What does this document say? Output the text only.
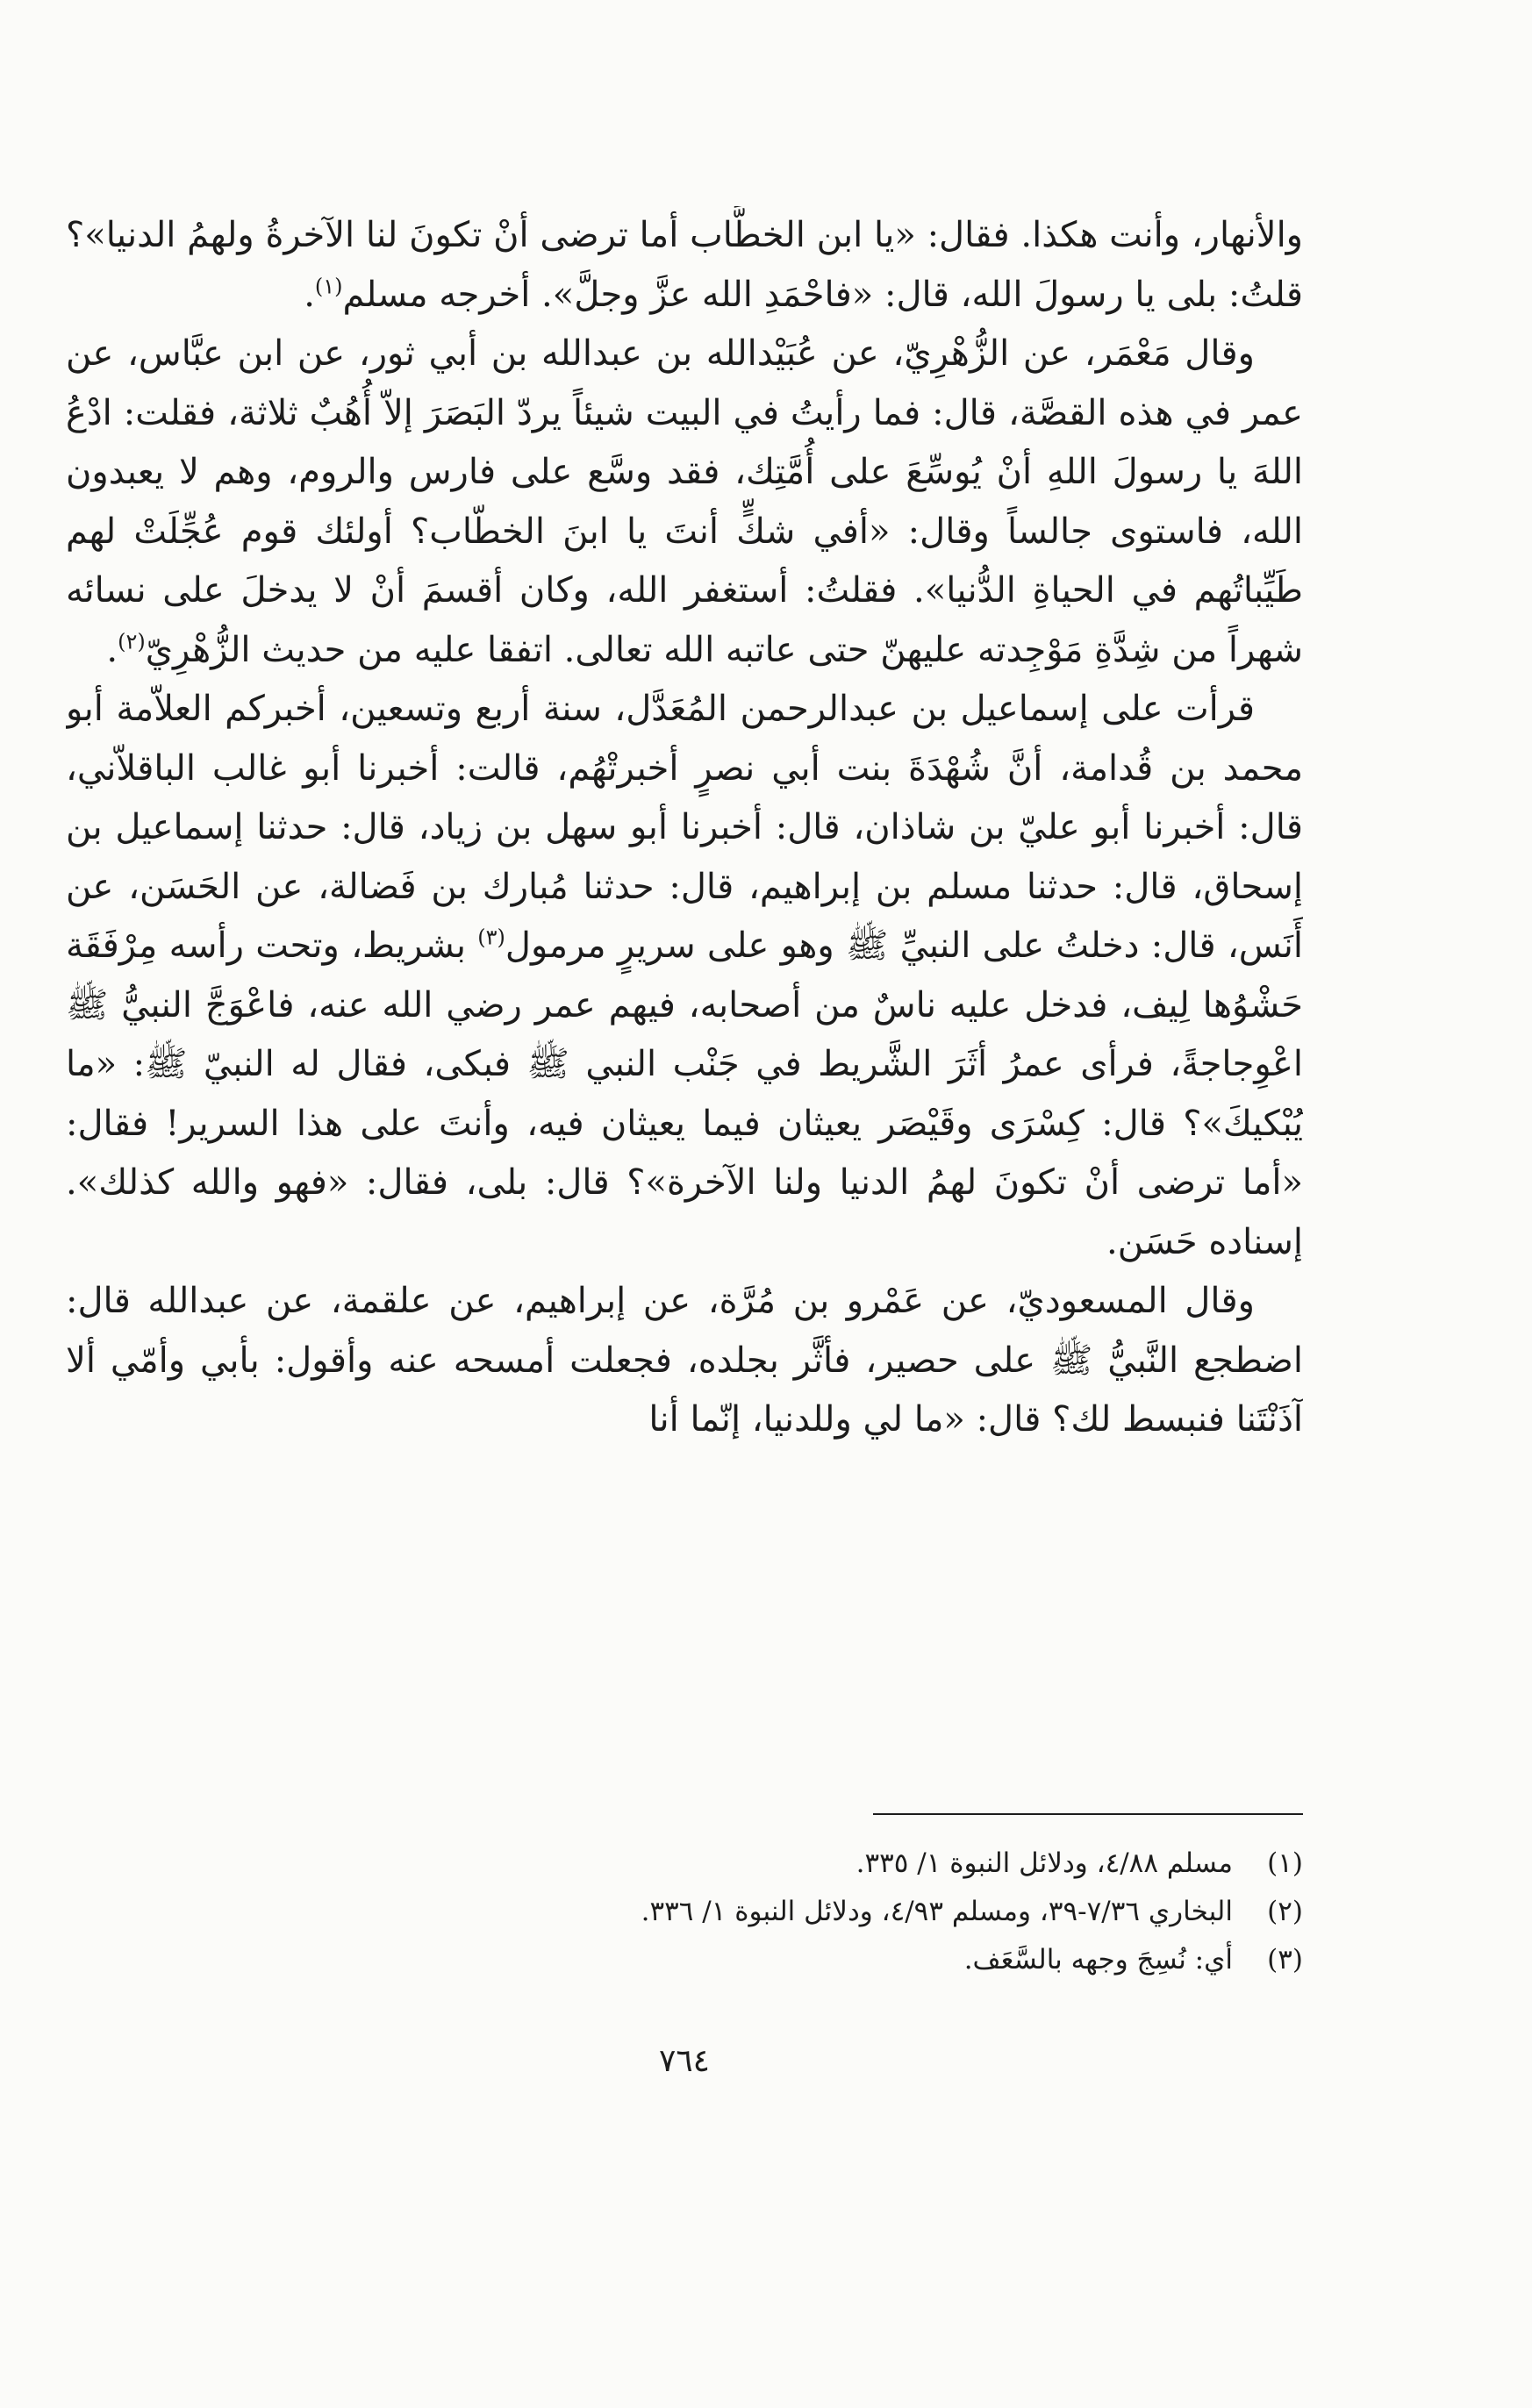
والأنهار، وأنت هكذا. فقال: «يا ابن الخطَّاب أما ترضى أنْ تكونَ لنا الآخرةُ ولهمُ الدنيا»؟ قلتُ: بلى يا رسولَ الله، قال: «فاحْمَدِ الله عزَّ وجلَّ». أخرجه مسلم$^{(١)}$.

وقال مَعْمَر، عن الزُّهْرِيّ، عن عُبَيْدالله بن عبدالله بن أبي ثور، عن ابن عبَّاس، عن عمر في هذه القصَّة، قال: فما رأيتُ في البيت شيئاً يردّ البَصَرَ إلاّ أُهُبٌ ثلاثة، فقلت: ادْعُ اللهَ يا رسولَ اللهِ أنْ يُوسِّعَ على أُمَّتِك، فقد وسَّع على فارس والروم، وهم لا يعبدون الله، فاستوى جالساً وقال: «أفي شكٍّ أنتَ يا ابنَ الخطّاب؟ أولئك قوم عُجِّلَتْ لهم طَيِّباتُهم في الحياةِ الدُّنيا». فقلتُ: أستغفر الله، وكان أقسمَ أنْ لا يدخلَ على نسائه شهراً من شِدَّةِ مَوْجِدته عليهنّ حتى عاتبه الله تعالى. اتفقا عليه من حديث الزُّهْرِيّ$^{(٢)}$.

قرأت على إسماعيل بن عبدالرحمن المُعَدَّل، سنة أربع وتسعين، أخبركم العلاّمة أبو محمد بن قُدامة، أنَّ شُهْدَةَ بنت أبي نصرٍ أخبرتْهُم، قالت: أخبرنا أبو غالب الباقلاّني، قال: أخبرنا أبو عليّ بن شاذان، قال: أخبرنا أبو سهل بن زياد، قال: حدثنا إسماعيل بن إسحاق، قال: حدثنا مسلم بن إبراهيم، قال: حدثنا مُبارك بن فَضالة، عن الحَسَن، عن أَنَس، قال: دخلتُ على النبيِّ ﷺ وهو على سريرٍ مرمول$^{(٣)}$ بشريط، وتحت رأسه مِرْفَقَة حَشْوُها لِيف، فدخل عليه ناسٌ من أصحابه، فيهم عمر رضي الله عنه، فاعْوَجَّ النبيُّ ﷺ اعْوِجاجةً، فرأى عمرُ أثَرَ الشَّريط في جَنْب النبي ﷺ فبكى، فقال له النبيّ ﷺ: «ما يُبْكيكَ»؟ قال: كِسْرَى وقَيْصَر يعيثان فيما يعيثان فيه، وأنتَ على هذا السرير! فقال: «أما ترضى أنْ تكونَ لهمُ الدنيا ولنا الآخرة»؟ قال: بلى، فقال: «فهو والله كذلك». إسناده حَسَن.

وقال المسعوديّ، عن عَمْرو بن مُرَّة، عن إبراهيم، عن علقمة، عن عبدالله قال: اضطجع النَّبيُّ ﷺ على حصير، فأثَّر بجلده، فجعلت أمسحه عنه وأقول: بأبي وأمّي ألا آذَنْتَنا فنبسط لك؟ قال: «ما لي وللدنيا، إنّما أنا

(١)
مسلم ٤/٨٨، ودلائل النبوة ١/ ٣٣٥.
(٢)
البخاري ٧/٣٦-٣٩، ومسلم ٤/٩٣، ودلائل النبوة ١/ ٣٣٦.
(٣)
أي: نُسِجَ وجهه بالسَّعَف.
٧٦٤
